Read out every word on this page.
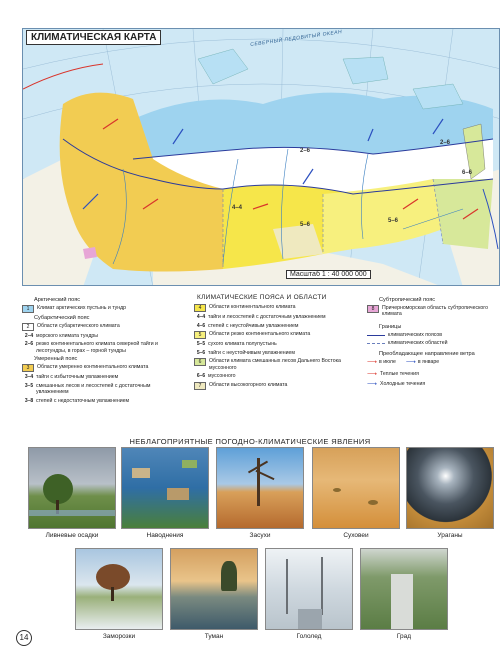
КЛИМАТИЧЕСКАЯ КАРТА	СЕВЕРНЫЙ ЛЕДОВИТЫЙ ОКЕАН
2–6
4–4
5–6
2–6
5–6
6–6
Масштаб 1 : 40 000 000
КЛИМАТИЧЕСКИЕ ПОЯСА И ОБЛАСТИ
Арктический пояс
1	Климат арктических пустынь и тундр
Субарктический пояс
2	Области субарктического климата
2–4 морского климата тундры
2–6 резко континентального климата северной тайги и лесотундры, в горах – горной тундры
Умеренный пояс
3	Области умеренно континентального климата
3–4 тайги с избыточным увлажнением
3–5 смешанных лесов и лесостепей с достаточным увлажнением
3–8 степей с недостаточным увлажнением
4	Области континентального климата
4–4 тайги и лесостепей с достаточным увлажнением
4–6 степей с неустойчивым увлажнением
5	Области резко континентального климата
5–5 сухого климата полупустынь
5–6 тайги с неустойчивым увлажнением
6	Области климата смешанных лесов Дальнего Востока муссонного
6–6 муссонного
7	Области высокогорного климата
Субтропический пояс
8	Причерноморская область субтропического климата
Границы
климатических поясов
климатических областей
Преобладающее направление ветра
⟶ в июле ⟶ в январе
⟶ Теплые течения
⟶ Холодные течения
НЕБЛАГОПРИЯТНЫЕ ПОГОДНО-КЛИМАТИЧЕСКИЕ ЯВЛЕНИЯ
Ливневые осадки	Наводнения	Засухи	Суховеи	Ураганы
Заморозки	Туман	Гололед	Град
14
